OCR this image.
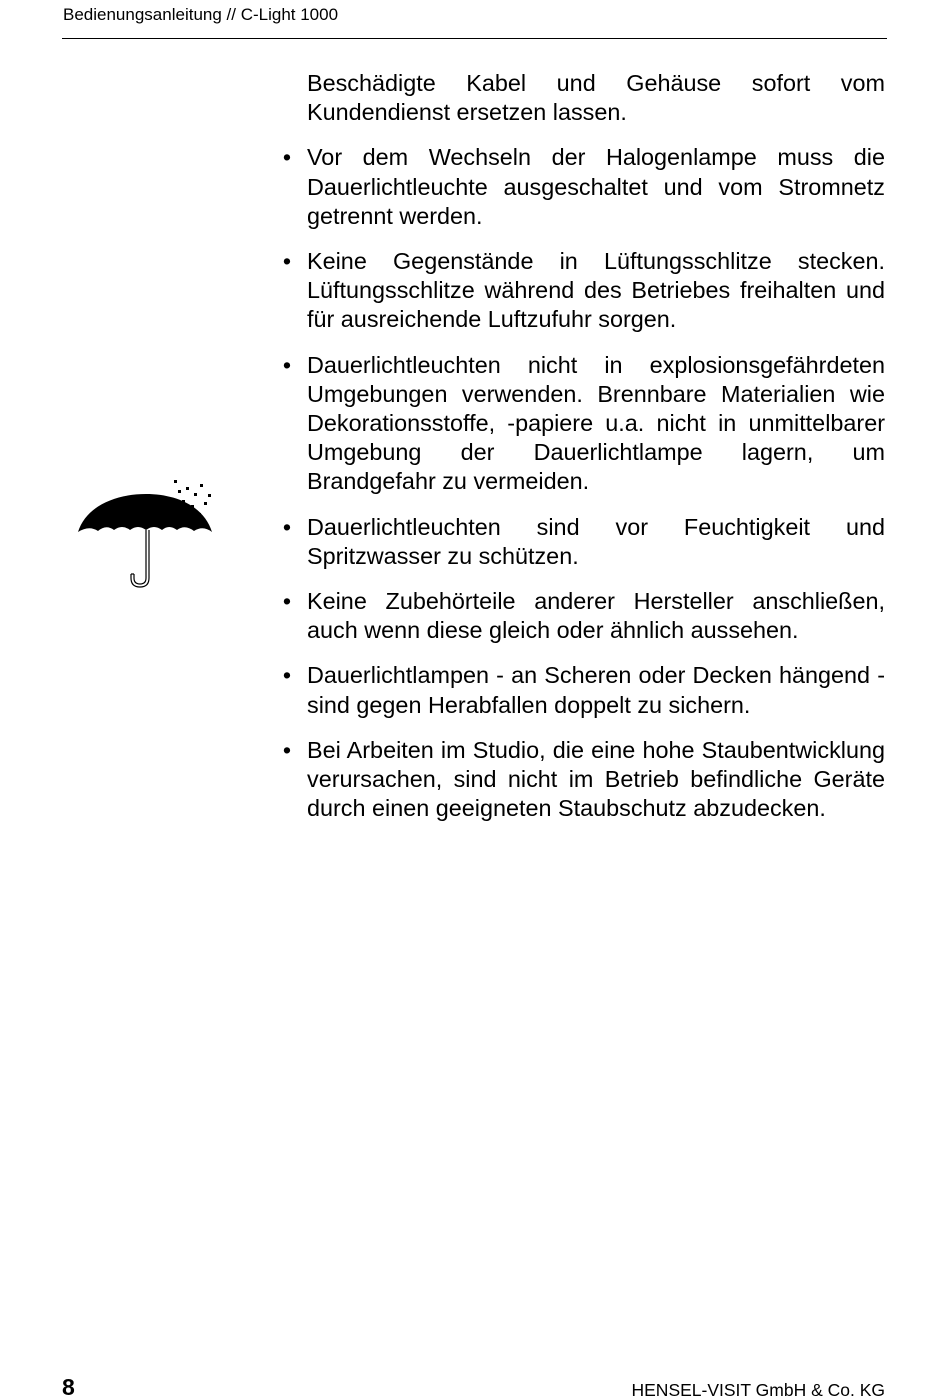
Bedienungsanleitung // C-Light 1000
Beschädigte Kabel und Gehäuse sofort vom Kundendienst ersetzen lassen.
• Vor dem Wechseln der Halogenlampe muss die Dauerlichtleuchte ausgeschaltet und vom Stromnetz getrennt werden.
• Keine Gegenstände in Lüftungsschlitze stecken. Lüftungsschlitze während des Betriebes freihalten und für ausreichende Luftzufuhr sorgen.
• Dauerlichtleuchten nicht in explosionsgefährdeten Umgebungen verwenden. Brennbare Materialien wie Dekorationsstoffe, -papiere u.a. nicht in unmittelbarer Umgebung der Dauerlichtlampe lagern, um Brandgefahr zu vermeiden.
• Dauerlichtleuchten sind vor Feuchtigkeit und Spritzwasser zu schützen.
• Keine Zubehörteile anderer Hersteller anschließen, auch wenn diese gleich oder ähnlich aussehen.
• Dauerlichtlampen - an Scheren oder Decken hängend - sind gegen Herabfallen doppelt zu sichern.
• Bei Arbeiten im Studio, die eine hohe Staubentwicklung verursachen, sind nicht im Betrieb befindliche Geräte durch einen geeigneten Staubschutz abzudecken.
8	HENSEL-VISIT GmbH & Co. KG
